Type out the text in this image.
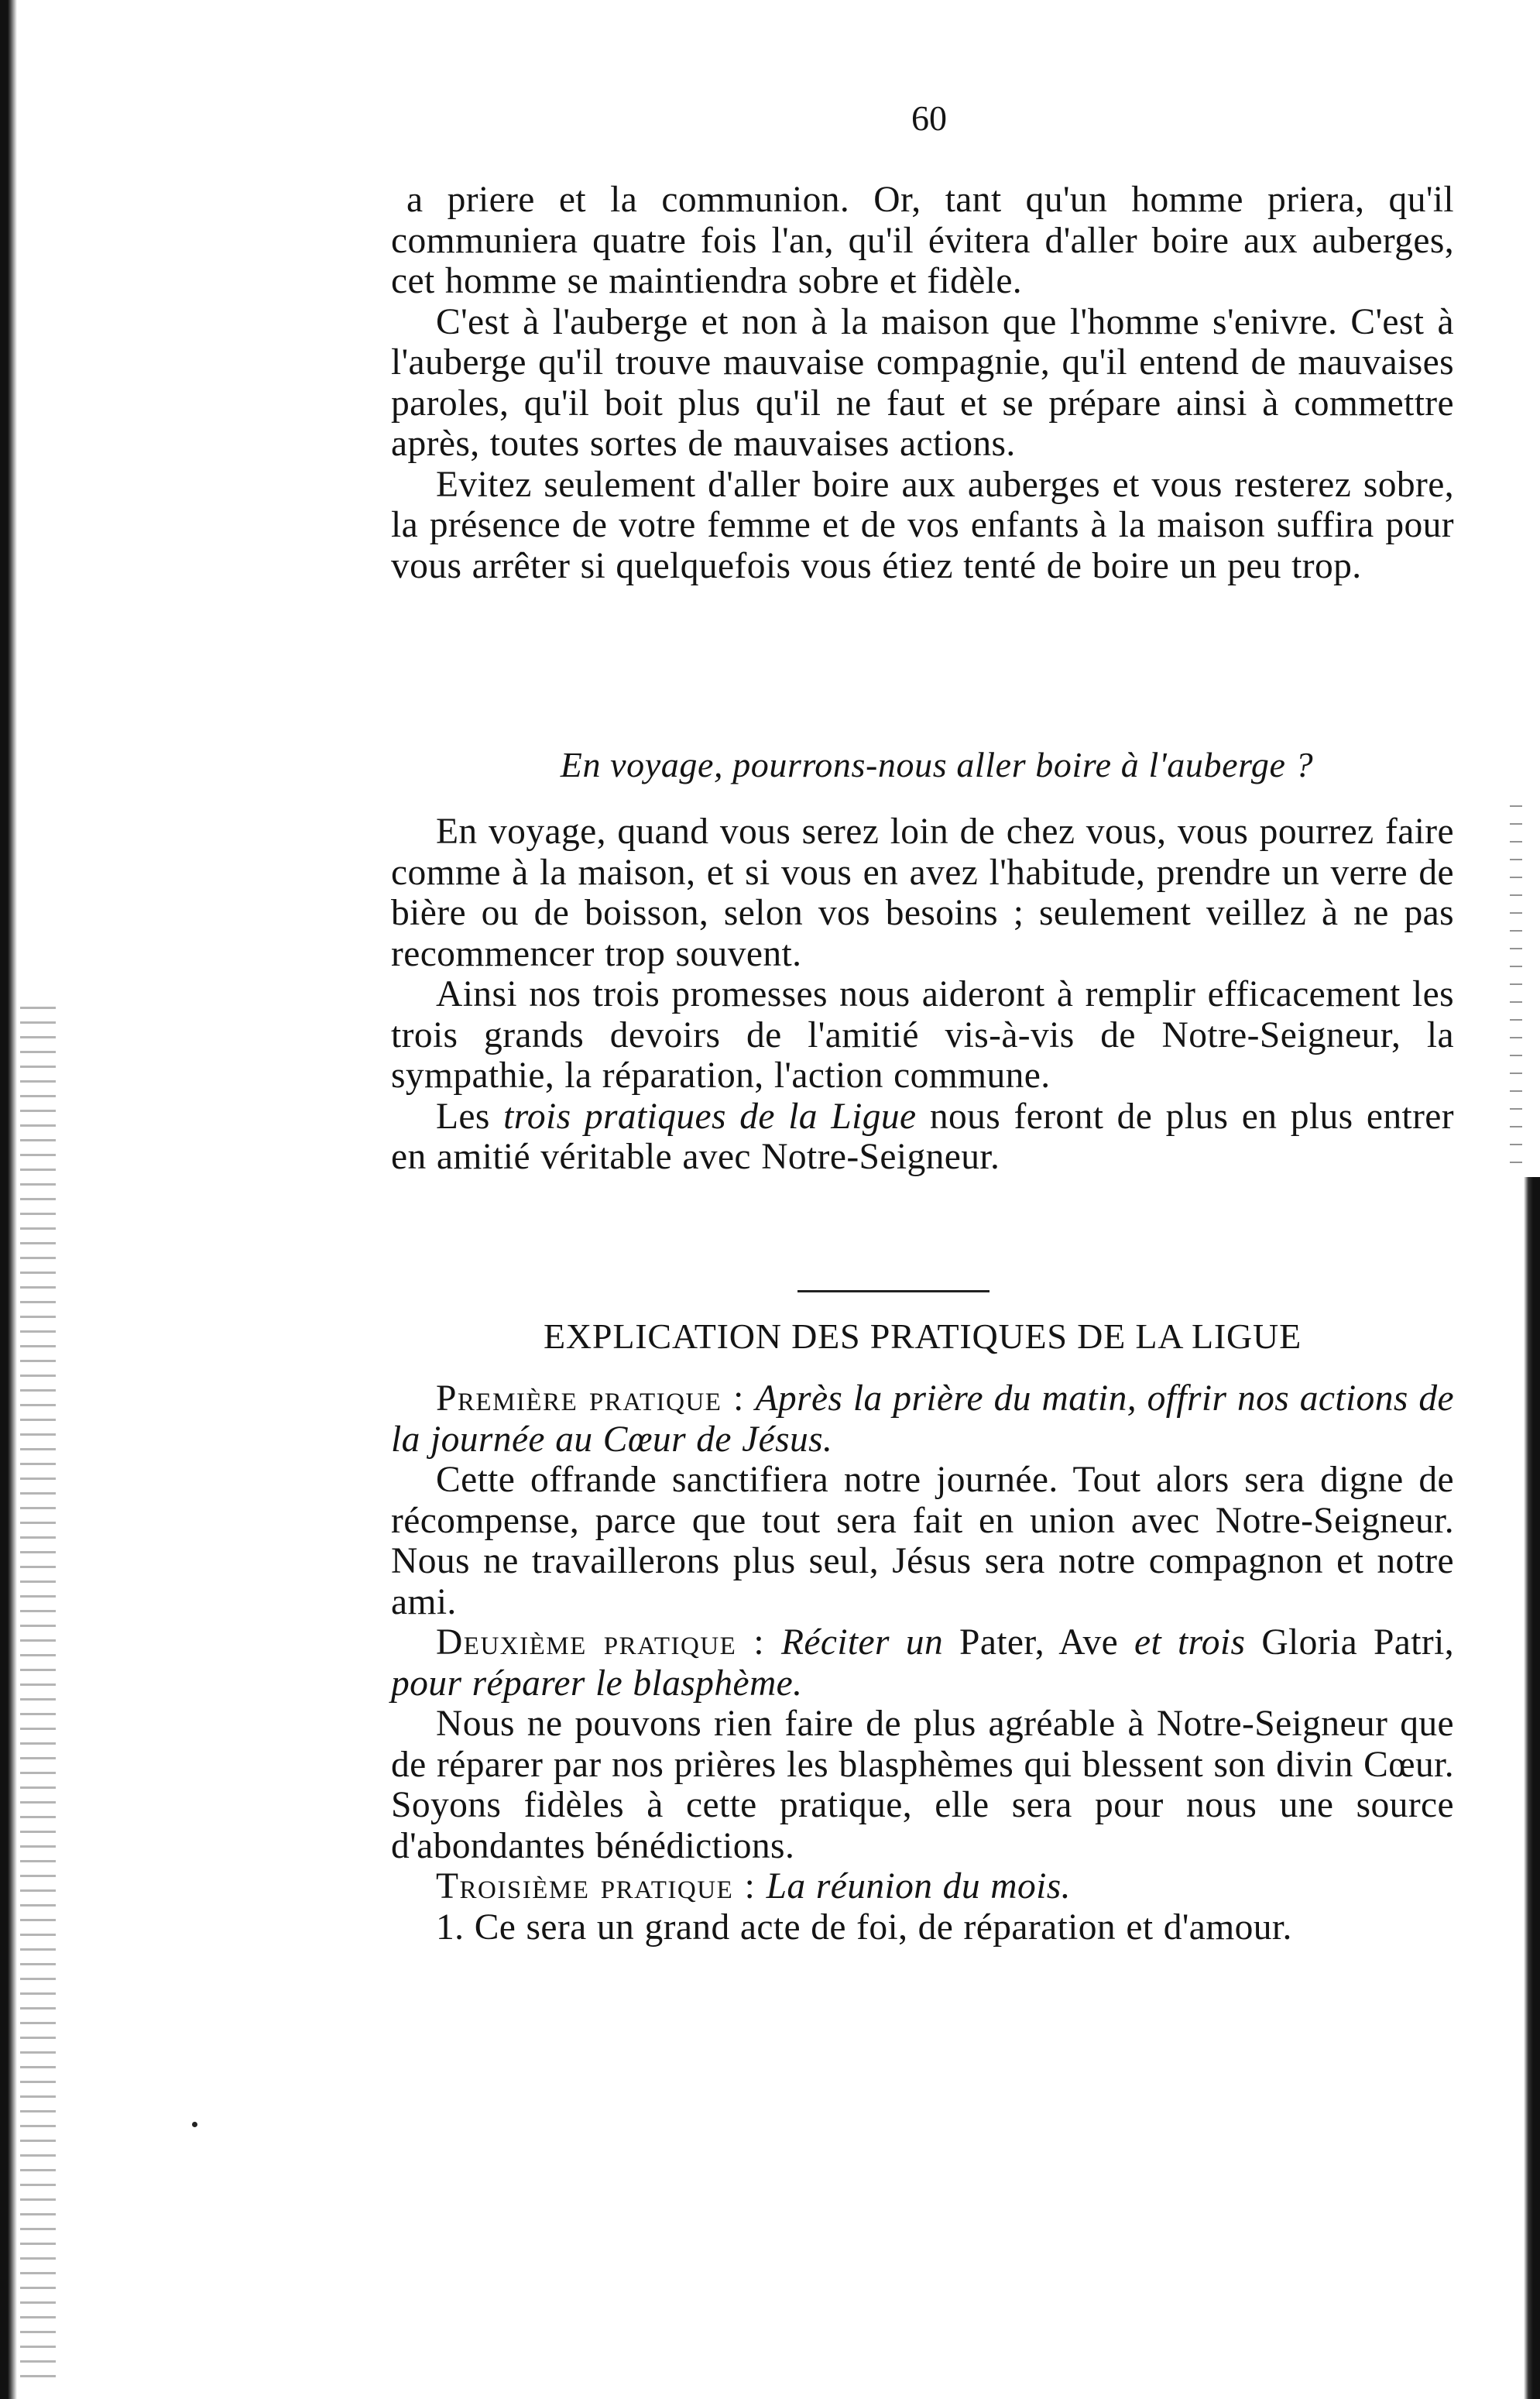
60

a priere et la communion. Or, tant qu'un homme priera, qu'il communiera quatre fois l'an, qu'il évitera d'aller boire aux auberges, cet homme se maintiendra sobre et fidèle.

C'est à l'auberge et non à la maison que l'homme s'enivre. C'est à l'auberge qu'il trouve mauvaise compagnie, qu'il entend de mauvaises paroles, qu'il boit plus qu'il ne faut et se prépare ainsi à commettre après, toutes sortes de mauvaises actions.

Evitez seulement d'aller boire aux auberges et vous resterez sobre, la présence de votre femme et de vos enfants à la maison suffira pour vous arrêter si quelquefois vous étiez tenté de boire un peu trop.

En voyage, pourrons-nous aller boire à l'auberge ?

En voyage, quand vous serez loin de chez vous, vous pourrez faire comme à la maison, et si vous en avez l'habitude, prendre un verre de bière ou de boisson, selon vos besoins ; seulement veillez à ne pas recommencer trop souvent.

Ainsi nos trois promesses nous aideront à remplir efficacement les trois grands devoirs de l'amitié vis-à-vis de Notre-Seigneur, la sympathie, la réparation, l'action commune.

Les trois pratiques de la Ligue nous feront de plus en plus entrer en amitié véritable avec Notre-Seigneur.

EXPLICATION DES PRATIQUES DE LA LIGUE

Première pratique : Après la prière du matin, offrir nos actions de la journée au Cœur de Jésus.

Cette offrande sanctifiera notre journée. Tout alors sera digne de récompense, parce que tout sera fait en union avec Notre-Seigneur. Nous ne travaillerons plus seul, Jésus sera notre compagnon et notre ami.

Deuxième pratique : Réciter un Pater, Ave et trois Gloria Patri, pour réparer le blasphème.

Nous ne pouvons rien faire de plus agréable à Notre-Seigneur que de réparer par nos prières les blasphèmes qui blessent son divin Cœur. Soyons fidèles à cette pratique, elle sera pour nous une source d'abondantes bénédictions.

Troisième pratique : La réunion du mois.

1. Ce sera un grand acte de foi, de réparation et d'amour.
